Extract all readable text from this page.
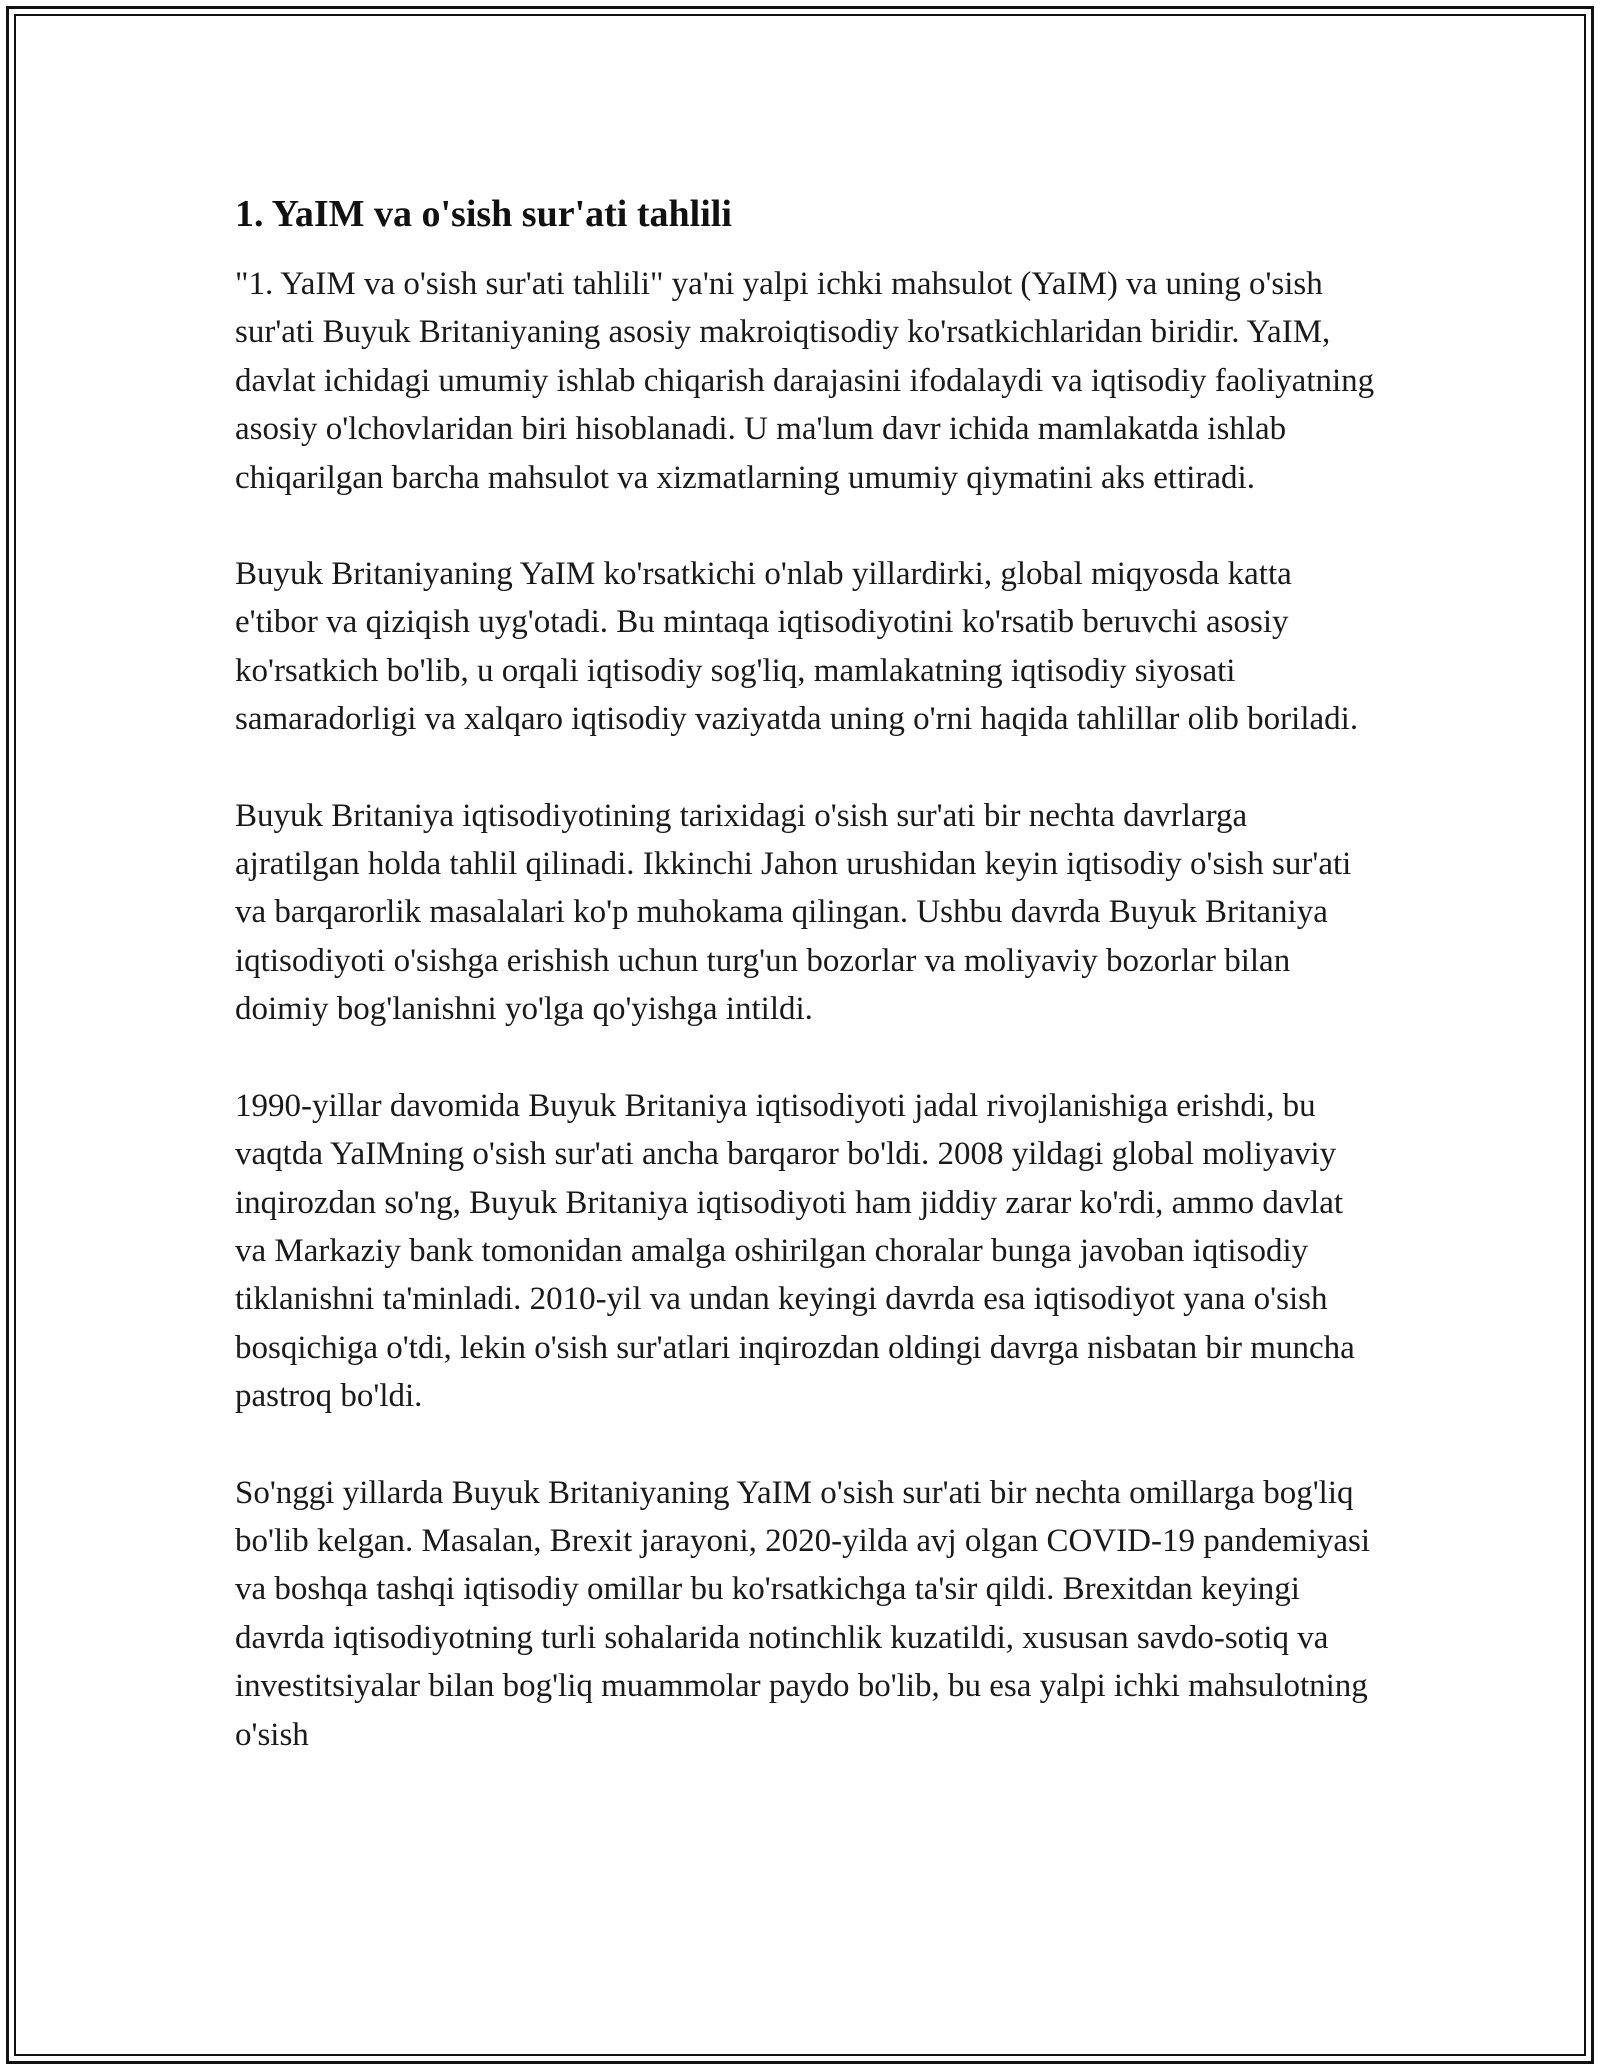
1. YaIM va o'sish sur'ati tahlili

"1. YaIM va o'sish sur'ati tahlili" ya'ni yalpi ichki mahsulot (YaIM) va uning o'sish sur'ati Buyuk Britaniyaning asosiy makroiqtisodiy ko'rsatkichlaridan biridir. YaIM, davlat ichidagi umumiy ishlab chiqarish darajasini ifodalaydi va iqtisodiy faoliyatning asosiy o'lchovlaridan biri hisoblanadi. U ma'lum davr ichida mamlakatda ishlab chiqarilgan barcha mahsulot va xizmatlarning umumiy qiymatini aks ettiradi.

Buyuk Britaniyaning YaIM ko'rsatkichi o'nlab yillardirki, global miqyosda katta e'tibor va qiziqish uyg'otadi. Bu mintaqa iqtisodiyotini ko'rsatib beruvchi asosiy ko'rsatkich bo'lib, u orqali iqtisodiy sog'liq, mamlakatning iqtisodiy siyosati samaradorligi va xalqaro iqtisodiy vaziyatda uning o'rni haqida tahlillar olib boriladi.

Buyuk Britaniya iqtisodiyotining tarixidagi o'sish sur'ati bir nechta davrlarga ajratilgan holda tahlil qilinadi. Ikkinchi Jahon urushidan keyin iqtisodiy o'sish sur'ati va barqarorlik masalalari ko'p muhokama qilingan. Ushbu davrda Buyuk Britaniya iqtisodiyoti o'sishga erishish uchun turg'un bozorlar va moliyaviy bozorlar bilan doimiy bog'lanishni yo'lga qo'yishga intildi.

1990-yillar davomida Buyuk Britaniya iqtisodiyoti jadal rivojlanishiga erishdi, bu vaqtda YaIMning o'sish sur'ati ancha barqaror bo'ldi. 2008 yildagi global moliyaviy inqirozdan so'ng, Buyuk Britaniya iqtisodiyoti ham jiddiy zarar ko'rdi, ammo davlat va Markaziy bank tomonidan amalga oshirilgan choralar bunga javoban iqtisodiy tiklanishni ta'minladi. 2010-yil va undan keyingi davrda esa iqtisodiyot yana o'sish bosqichiga o'tdi, lekin o'sish sur'atlari inqirozdan oldingi davrga nisbatan bir muncha pastroq bo'ldi.

So'nggi yillarda Buyuk Britaniyaning YaIM o'sish sur'ati bir nechta omillarga bog'liq bo'lib kelgan. Masalan, Brexit jarayoni, 2020-yilda avj olgan COVID-19 pandemiyasi va boshqa tashqi iqtisodiy omillar bu ko'rsatkichga ta'sir qildi. Brexitdan keyingi davrda iqtisodiyotning turli sohalarida notinchlik kuzatildi, xususan savdo-sotiq va investitsiyalar bilan bog'liq muammolar paydo bo'lib, bu esa yalpi ichki mahsulotning o'sish
